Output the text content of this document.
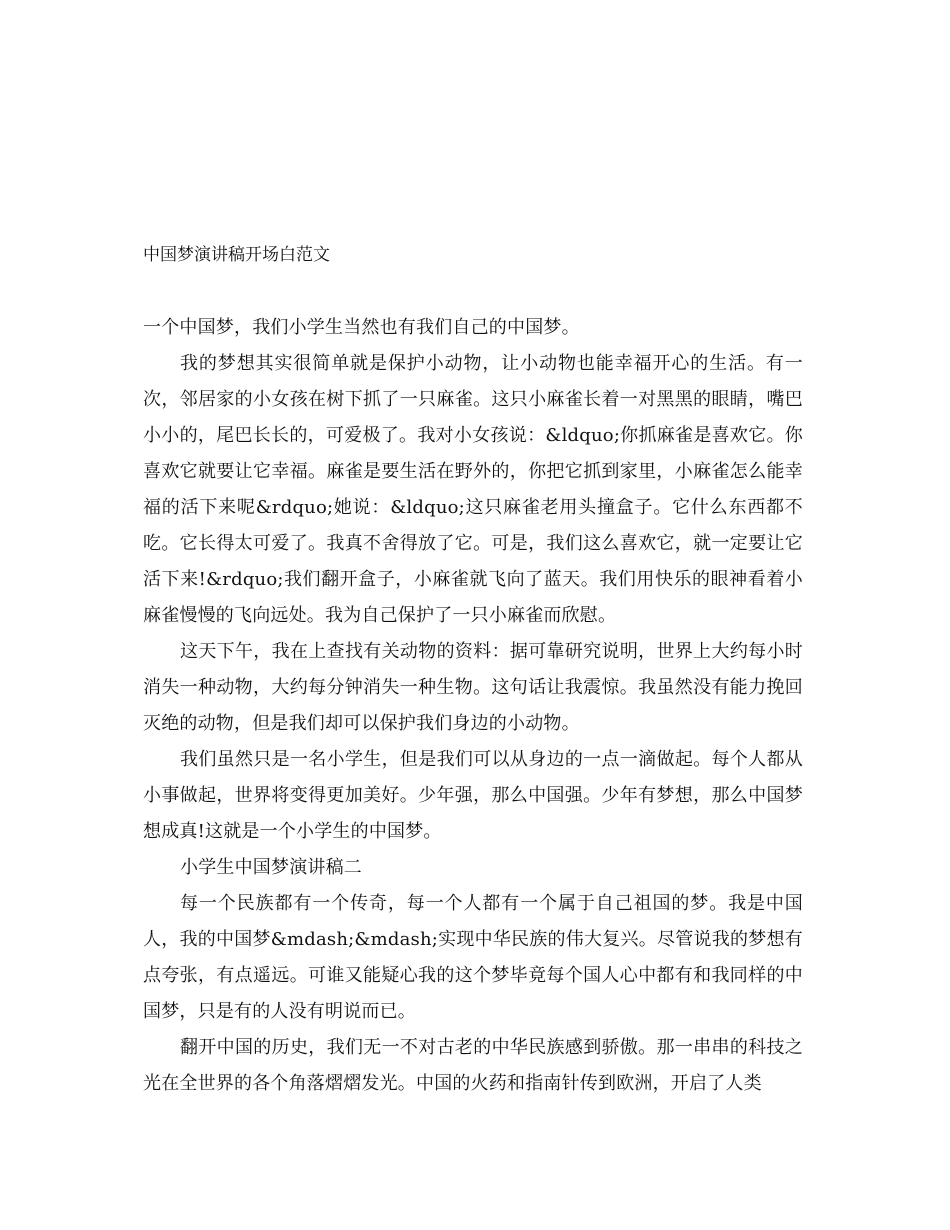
中国梦演讲稿开场白范文

一个中国梦，我们小学生当然也有我们自己的中国梦。

我的梦想其实很简单就是保护小动物，让小动物也能幸福开心的生活。有一次，邻居家的小女孩在树下抓了一只麻雀。这只小麻雀长着一对黑黑的眼睛，嘴巴小小的，尾巴长长的，可爱极了。我对小女孩说：&ldquo;你抓麻雀是喜欢它。你喜欢它就要让它幸福。麻雀是要生活在野外的，你把它抓到家里，小麻雀怎么能幸福的活下来呢&rdquo;她说：&ldquo;这只麻雀老用头撞盒子。它什么东西都不吃。它长得太可爱了。我真不舍得放了它。可是，我们这么喜欢它，就一定要让它活下来!&rdquo;我们翻开盒子，小麻雀就飞向了蓝天。我们用快乐的眼神看着小麻雀慢慢的飞向远处。我为自己保护了一只小麻雀而欣慰。

这天下午，我在上查找有关动物的资料：据可靠研究说明，世界上大约每小时消失一种动物，大约每分钟消失一种生物。这句话让我震惊。我虽然没有能力挽回灭绝的动物，但是我们却可以保护我们身边的小动物。

我们虽然只是一名小学生，但是我们可以从身边的一点一滴做起。每个人都从小事做起，世界将变得更加美好。少年强，那么中国强。少年有梦想，那么中国梦想成真!这就是一个小学生的中国梦。

小学生中国梦演讲稿二

每一个民族都有一个传奇，每一个人都有一个属于自己祖国的梦。我是中国人，我的中国梦&mdash;&mdash;实现中华民族的伟大复兴。尽管说我的梦想有点夸张，有点遥远。可谁又能疑心我的这个梦毕竟每个国人心中都有和我同样的中国梦，只是有的人没有明说而已。

翻开中国的历史，我们无一不对古老的中华民族感到骄傲。那一串串的科技之光在全世界的各个角落熠熠发光。中国的火药和指南针传到欧洲，开启了人类
